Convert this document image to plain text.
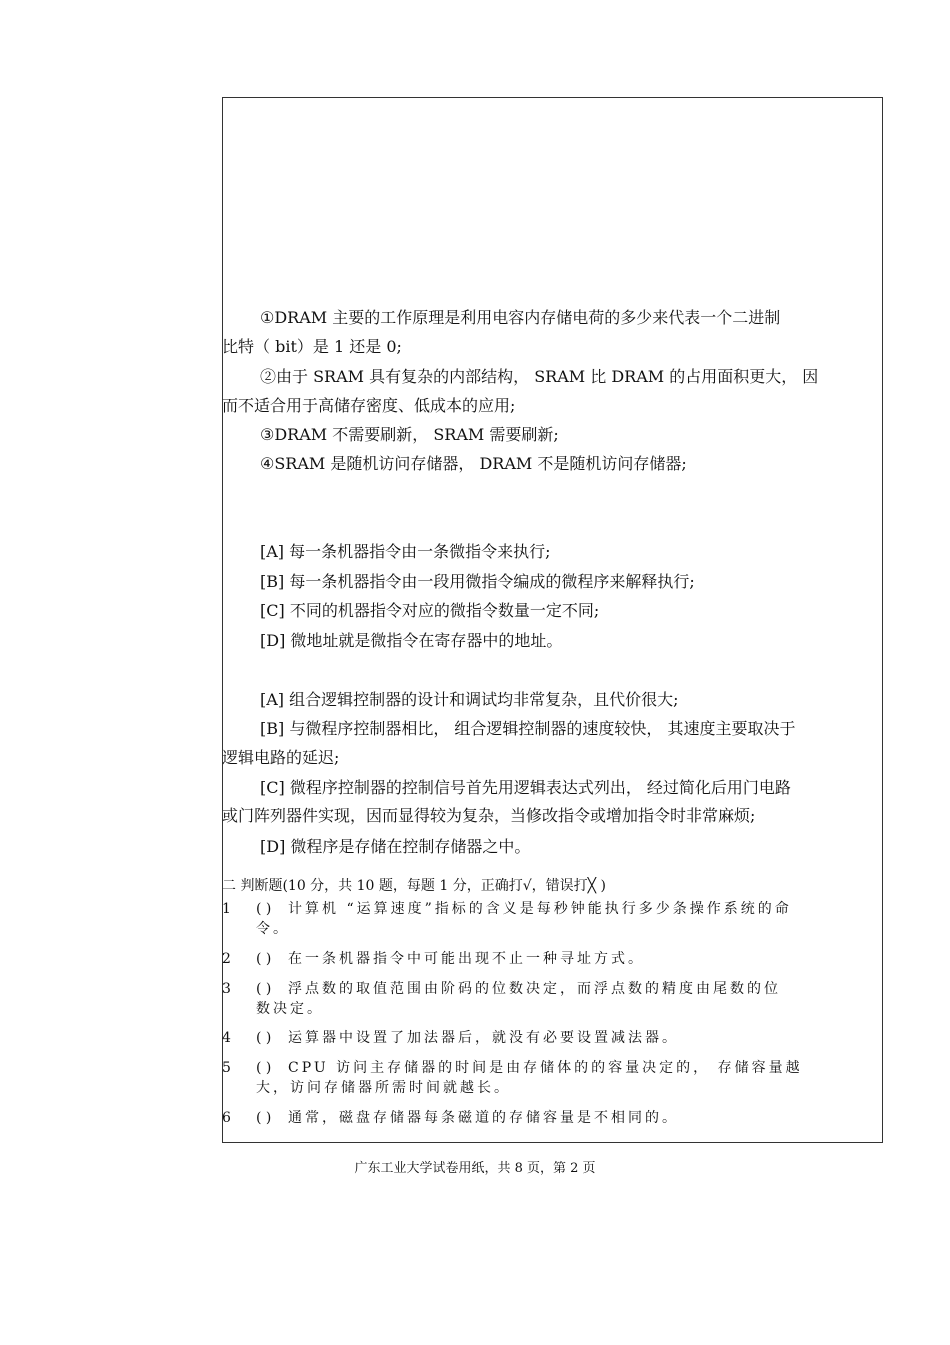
①DRAM 主要的工作原理是利用电容内存储电荷的多少来代表一个二进制
比特（ bit）是 1 还是 0;
②由于 SRAM 具有复杂的内部结构， SRAM 比 DRAM 的占用面积更大， 因
而不适合用于高储存密度、低成本的应用;
③DRAM 不需要刷新， SRAM 需要刷新;
④SRAM 是随机访问存储器， DRAM 不是随机访问存储器;
[A] 每一条机器指令由一条微指令来执行;
[B] 每一条机器指令由一段用微指令编成的微程序来解释执行;
[C] 不同的机器指令对应的微指令数量一定不同;
[D] 微地址就是微指令在寄存器中的地址。
[A] 组合逻辑控制器的设计和调试均非常复杂，且代价很大;
[B] 与微程序控制器相比， 组合逻辑控制器的速度较快， 其速度主要取决于
逻辑电路的延迟;
[C] 微程序控制器的控制信号首先用逻辑表达式列出， 经过简化后用门电路
或门阵列器件实现，因而显得较为复杂，当修改指令或增加指令时非常麻烦;
[D] 微程序是存储在控制存储器之中。
二 判断题(10 分，共 10 题，每题 1 分，正确打√，错误打╳ )
1	( ) 计算机 “运算速度”指标的含义是每秒钟能执行多少条操作系统的命
令。
2	( ) 在一条机器指令中可能出现不止一种寻址方式。
3	( ) 浮点数的取值范围由阶码的位数决定，而浮点数的精度由尾数的位
数决定。
4	( ) 运算器中设置了加法器后，就没有必要设置减法器。
5	( ) CPU 访问主存储器的时间是由存储体的的容量决定的， 存储容量越
大，访问存储器所需时间就越长。
6	( ) 通常，磁盘存储器每条磁道的存储容量是不相同的。
广东工业大学试卷用纸，共 8 页，第 2 页
